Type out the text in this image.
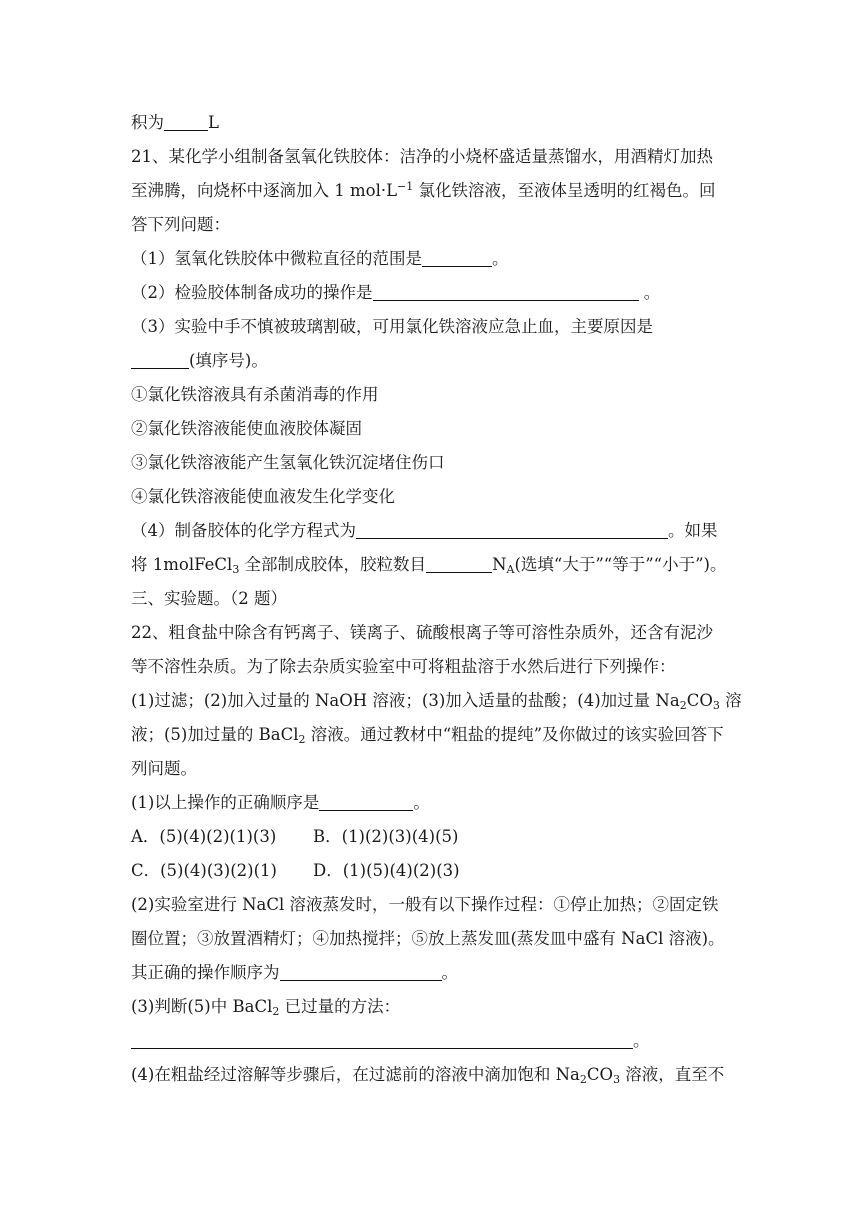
积为	L
21、某化学小组制备氢氧化铁胶体：洁净的小烧杯盛适量蒸馏水，用酒精灯加热
至沸腾，向烧杯中逐滴加入 1 $mol\cdot L^{-1}$ 氯化铁溶液，至液体呈透明的红褐色。回
答下列问题：
（1）氢氧化铁胶体中微粒直径的范围是	。
（2）检验胶体制备成功的操作是	。
（3）实验中手不慎被玻璃割破，可用氯化铁溶液应急止血，主要原因是
(填序号)。
①氯化铁溶液具有杀菌消毒的作用
②氯化铁溶液能使血液胶体凝固
③氯化铁溶液能产生氢氧化铁沉淀堵住伤口
④氯化铁溶液能使血液发生化学变化
（4）制备胶体的化学方程式为	。如果
将 1molFeCl$_3$ 全部制成胶体，胶粒数目	$N_A$(选填“大于”“等于”“小于”)。
三、实验题。（2 题）
22、粗食盐中除含有钙离子、镁离子、硫酸根离子等可溶性杂质外，还含有泥沙
等不溶性杂质。为了除去杂质实验室中可将粗盐溶于水然后进行下列操作：
(1)过滤；(2)加入过量的 NaOH 溶液；(3)加入适量的盐酸；(4)加过量 $Na_2CO_3$ 溶
液；(5)加过量的 BaCl$_2$ 溶液。通过教材中“粗盐的提纯”及你做过的该实验回答下
列问题。
(1)以上操作的正确顺序是	。
A．(5)(4)(2)(1)(3) B．(1)(2)(3)(4)(5)
C．(5)(4)(3)(2)(1) D．(1)(5)(4)(2)(3)
(2)实验室进行 NaCl 溶液蒸发时，一般有以下操作过程：①停止加热；②固定铁
圈位置；③放置酒精灯；④加热搅拌；⑤放上蒸发皿(蒸发皿中盛有 NaCl 溶液)。
其正确的操作顺序为	。
(3)判断(5)中 BaCl$_2$ 已过量的方法：
。
(4)在粗盐经过溶解等步骤后，在过滤前的溶液中滴加饱和 $Na_2CO_3$ 溶液，直至不
